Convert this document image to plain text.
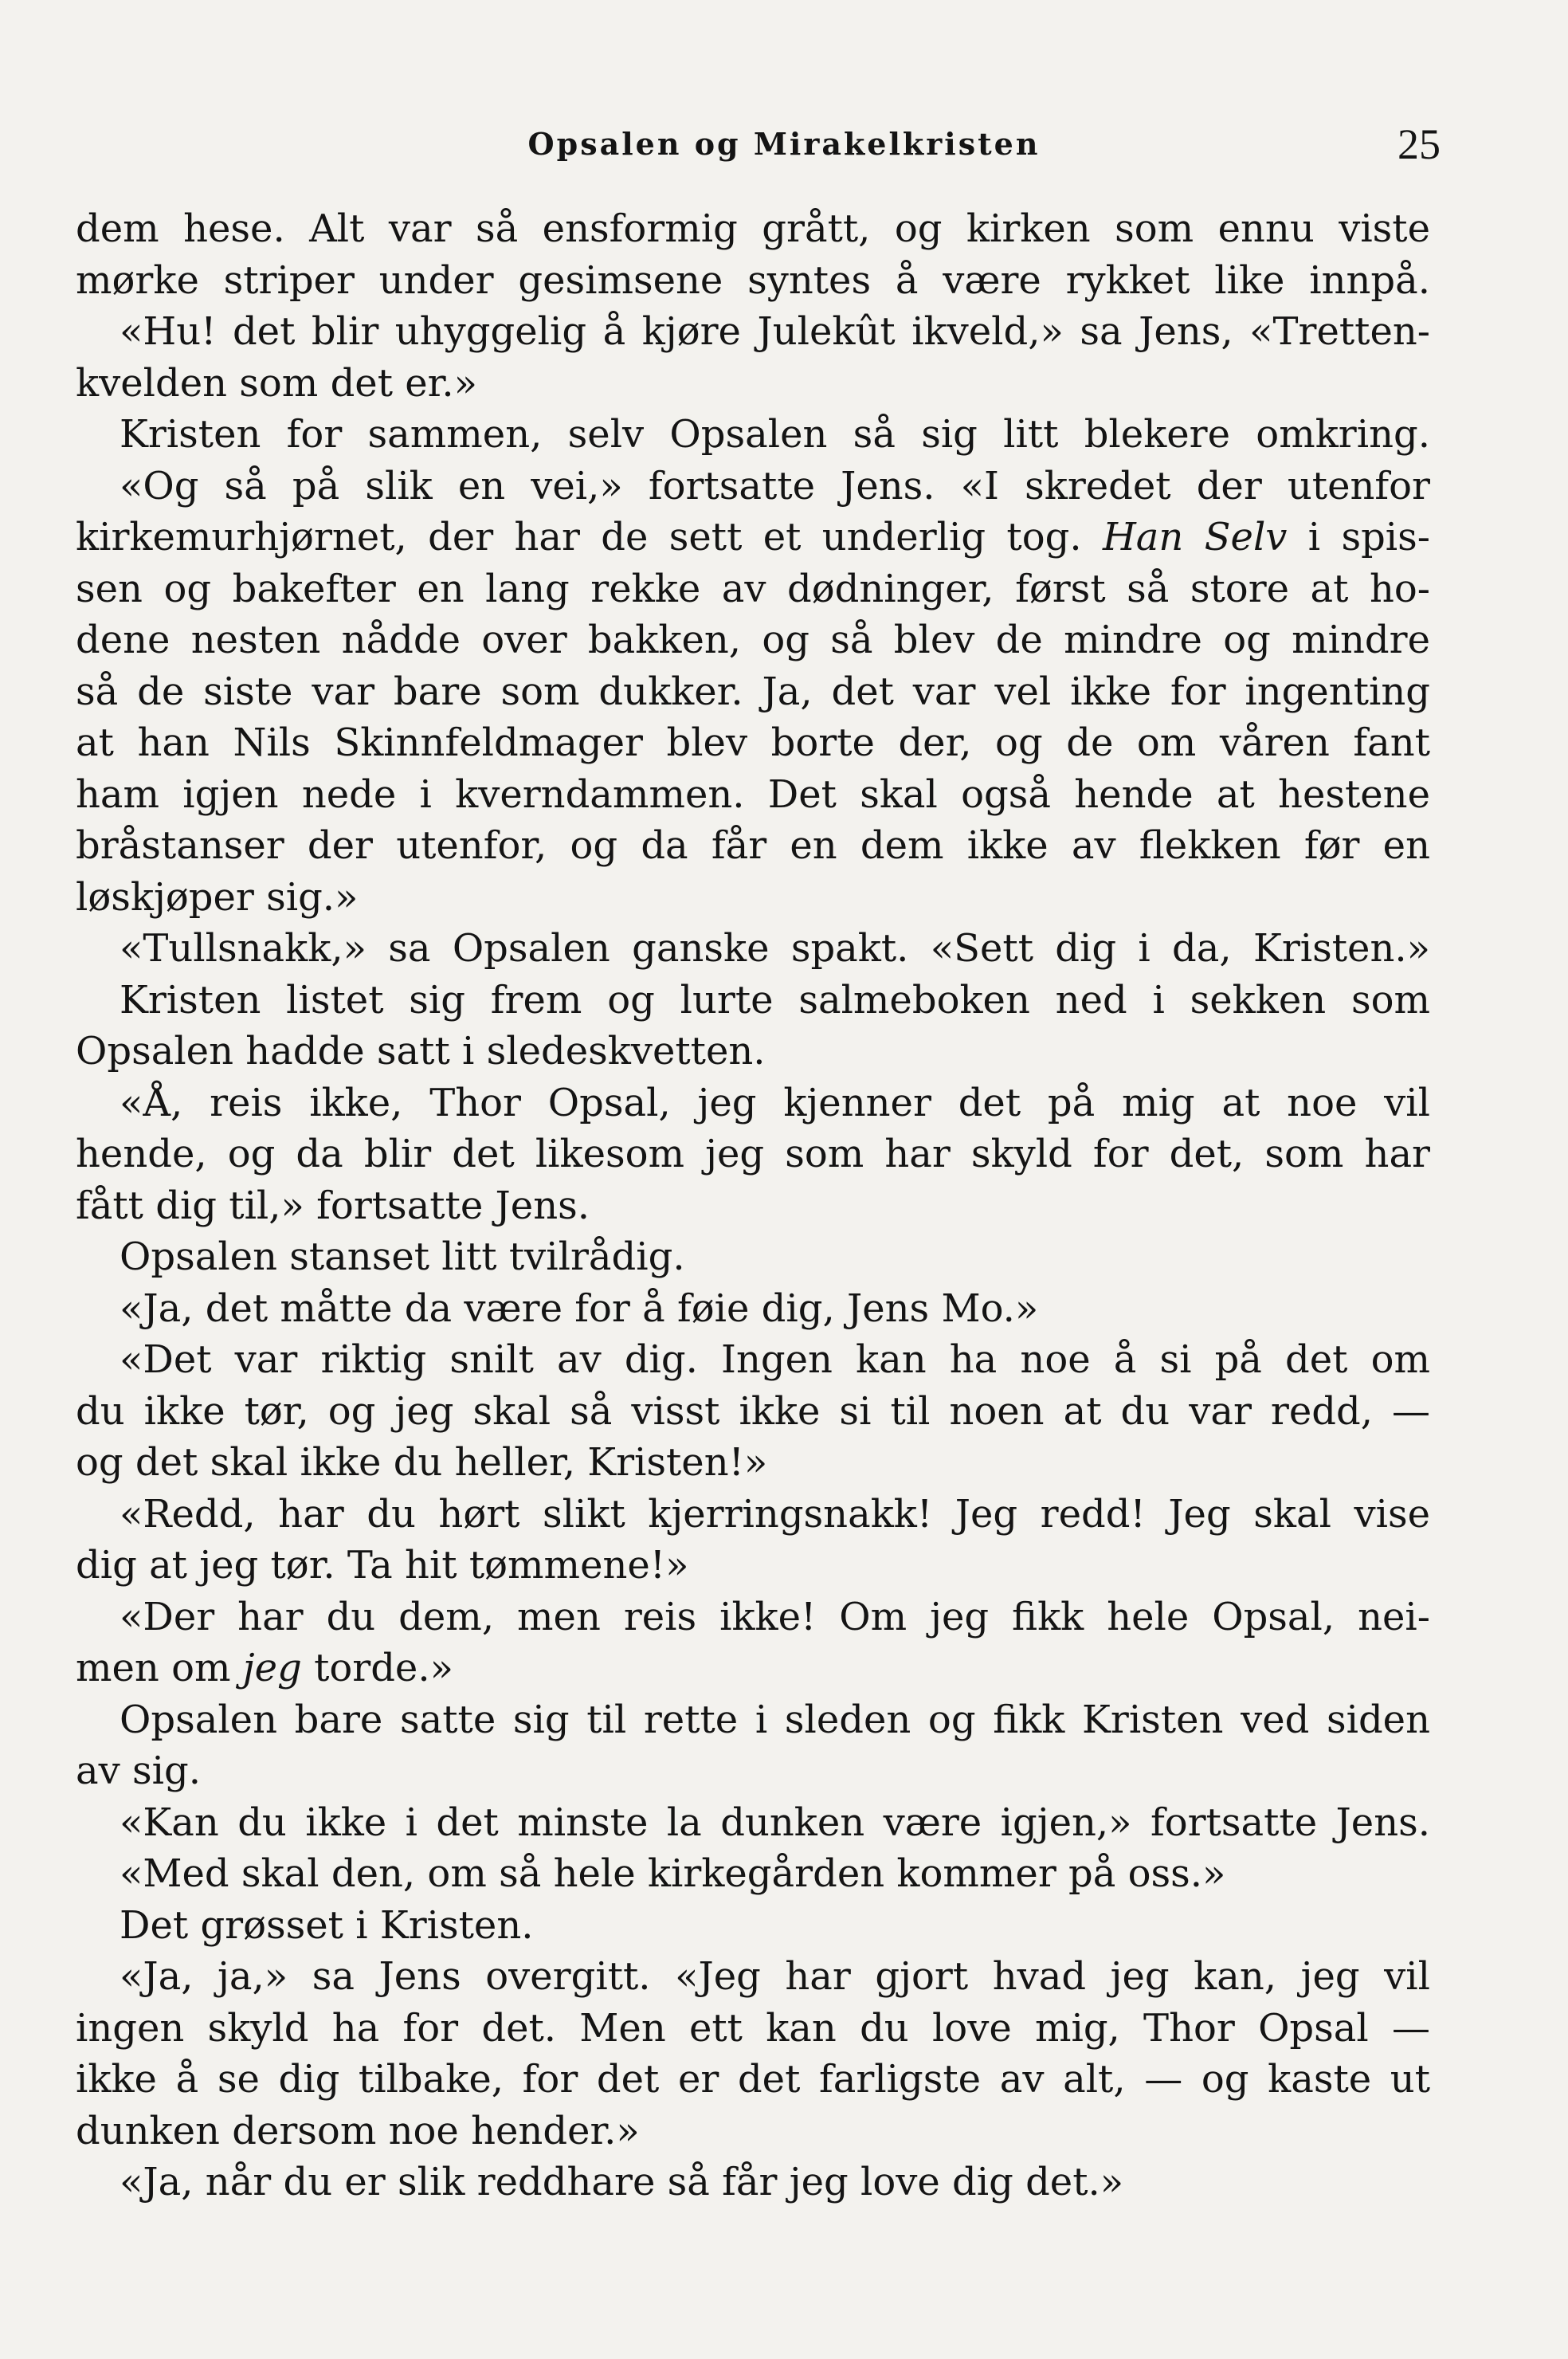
Opsalen og Mirakelkristen	25
dem hese. Alt var så ensformig grått, og kirken som ennu viste
mørke striper under gesimsene syntes å være rykket like innpå.
«Hu! det blir uhyggelig å kjøre Julekût ikveld,» sa Jens, «Tretten-
kvelden som det er.»
Kristen for sammen, selv Opsalen så sig litt blekere omkring.
«Og så på slik en vei,» fortsatte Jens. «I skredet der utenfor
kirkemurhjørnet, der har de sett et underlig tog. Han Selv i spis-
sen og bakefter en lang rekke av dødninger, først så store at ho-
dene nesten nådde over bakken, og så blev de mindre og mindre
så de siste var bare som dukker. Ja, det var vel ikke for ingenting
at han Nils Skinnfeldmager blev borte der, og de om våren fant
ham igjen nede i kverndammen. Det skal også hende at hestene
bråstanser der utenfor, og da får en dem ikke av flekken før en
løskjøper sig.»
«Tullsnakk,» sa Opsalen ganske spakt. «Sett dig i da, Kristen.»
Kristen listet sig frem og lurte salmeboken ned i sekken som
Opsalen hadde satt i sledeskvetten.
«Å, reis ikke, Thor Opsal, jeg kjenner det på mig at noe vil
hende, og da blir det likesom jeg som har skyld for det, som har
fått dig til,» fortsatte Jens.
Opsalen stanset litt tvilrådig.
«Ja, det måtte da være for å føie dig, Jens Mo.»
«Det var riktig snilt av dig. Ingen kan ha noe å si på det om
du ikke tør, og jeg skal så visst ikke si til noen at du var redd, —
og det skal ikke du heller, Kristen!»
«Redd, har du hørt slikt kjerringsnakk! Jeg redd! Jeg skal vise
dig at jeg tør. Ta hit tømmene!»
«Der har du dem, men reis ikke! Om jeg fikk hele Opsal, nei-
men om jeg torde.»
Opsalen bare satte sig til rette i sleden og fikk Kristen ved siden
av sig.
«Kan du ikke i det minste la dunken være igjen,» fortsatte Jens.
«Med skal den, om så hele kirkegården kommer på oss.»
Det grøsset i Kristen.
«Ja, ja,» sa Jens overgitt. «Jeg har gjort hvad jeg kan, jeg vil
ingen skyld ha for det. Men ett kan du love mig, Thor Opsal —
ikke å se dig tilbake, for det er det farligste av alt, — og kaste ut
dunken dersom noe hender.»
«Ja, når du er slik reddhare så får jeg love dig det.»
